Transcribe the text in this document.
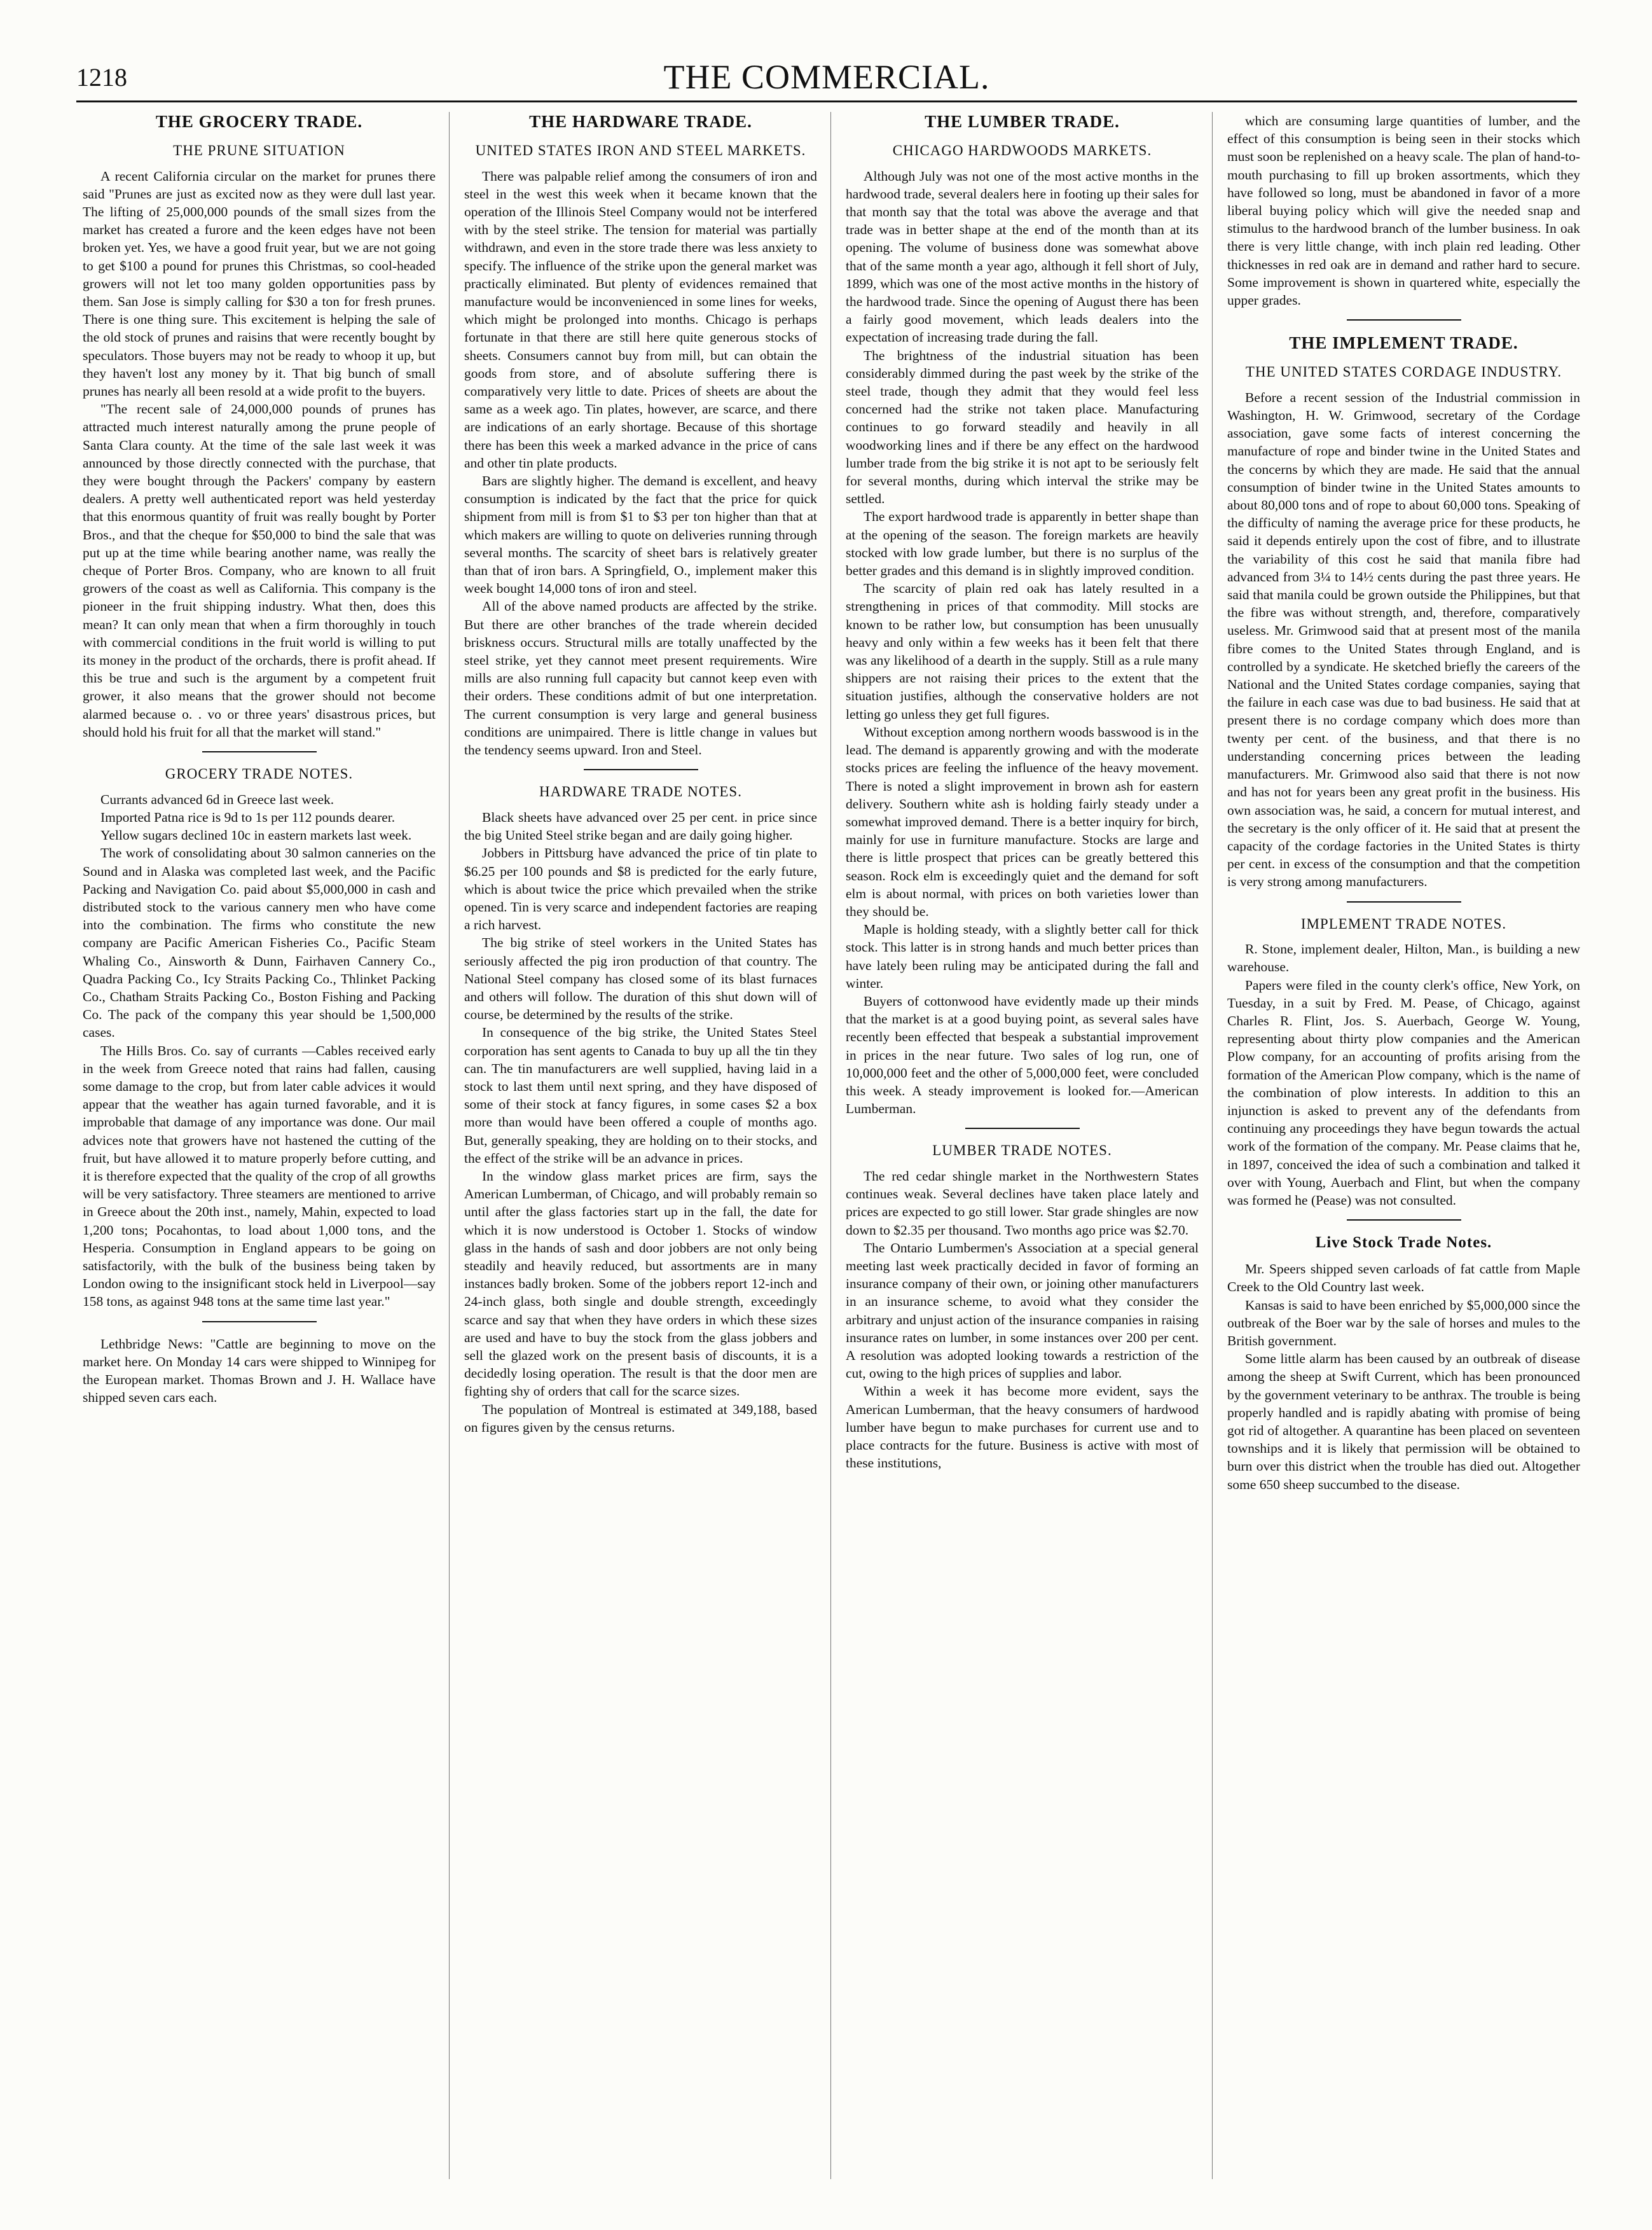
1218	THE COMMERCIAL.
THE GROCERY TRADE.
THE PRUNE SITUATION

A recent California circular on the market for prunes there said "Prunes are just as excited now as they were dull last year. The lifting of 25,000,000 pounds of the small sizes from the market has created a furore and the keen edges have not been broken yet. Yes, we have a good fruit year, but we are not going to get $100 a pound for prunes this Christmas, so cool-headed growers will not let too many golden opportunities pass by them. San Jose is simply calling for $30 a ton for fresh prunes. There is one thing sure. This excitement is helping the sale of the old stock of prunes and raisins that were recently bought by speculators. Those buyers may not be ready to whoop it up, but they haven't lost any money by it. That big bunch of small prunes has nearly all been resold at a wide profit to the buyers.

"The recent sale of 24,000,000 pounds of prunes has attracted much interest naturally among the prune people of Santa Clara county. At the time of the sale last week it was announced by those directly connected with the purchase, that they were bought through the Packers' company by eastern dealers. A pretty well authenticated report was held yesterday that this enormous quantity of fruit was really bought by Porter Bros., and that the cheque for $50,000 to bind the sale that was put up at the time while bearing another name, was really the cheque of Porter Bros. Company, who are known to all fruit growers of the coast as well as California. This company is the pioneer in the fruit shipping industry. What then, does this mean? It can only mean that when a firm thoroughly in touch with commercial conditions in the fruit world is willing to put its money in the product of the orchards, there is profit ahead. If this be true and such is the argument by a competent fruit grower, it also means that the grower should not become alarmed because o. . vo or three years' disastrous prices, but should hold his fruit for all that the market will stand."

GROCERY TRADE NOTES.

Currants advanced 6d in Greece last week.

Imported Patna rice is 9d to 1s per 112 pounds dearer.

Yellow sugars declined 10c in eastern markets last week.

The work of consolidating about 30 salmon canneries on the Sound and in Alaska was completed last week, and the Pacific Packing and Navigation Co. paid about $5,000,000 in cash and distributed stock to the various cannery men who have come into the combination. The firms who constitute the new company are Pacific American Fisheries Co., Pacific Steam Whaling Co., Ainsworth & Dunn, Fairhaven Cannery Co., Quadra Packing Co., Icy Straits Packing Co., Thlinket Packing Co., Chatham Straits Packing Co., Boston Fishing and Packing Co. The pack of the company this year should be 1,500,000 cases.

The Hills Bros. Co. say of currants —Cables received early in the week from Greece noted that rains had fallen, causing some damage to the crop, but from later cable advices it would appear that the weather has again turned favorable, and it is improbable that damage of any importance was done. Our mail advices note that growers have not hastened the cutting of the fruit, but have allowed it to mature properly before cutting, and it is therefore expected that the quality of the crop of all growths will be very satisfactory. Three steamers are mentioned to arrive in Greece about the 20th inst., namely, Mahin, expected to load 1,200 tons; Pocahontas, to load about 1,000 tons, and the Hesperia. Consumption in England appears to be going on satisfactorily, with the bulk of the business being taken by London owing to the insignificant stock held in Liverpool—say 158 tons, as against 948 tons at the same time last year."

Lethbridge News: "Cattle are beginning to move on the market here. On Monday 14 cars were shipped to Winnipeg for the European market. Thomas Brown and J. H. Wallace have shipped seven cars each.

THE HARDWARE TRADE.
UNITED STATES IRON AND STEEL MARKETS.

There was palpable relief among the consumers of iron and steel in the west this week when it became known that the operation of the Illinois Steel Company would not be interfered with by the steel strike. The tension for material was partially withdrawn, and even in the store trade there was less anxiety to specify. The influence of the strike upon the general market was practically eliminated. But plenty of evidences remained that manufacture would be inconvenienced in some lines for weeks, which might be prolonged into months. Chicago is perhaps fortunate in that there are still here quite generous stocks of sheets. Consumers cannot buy from mill, but can obtain the goods from store, and of absolute suffering there is comparatively very little to date. Prices of sheets are about the same as a week ago. Tin plates, however, are scarce, and there are indications of an early shortage. Because of this shortage there has been this week a marked advance in the price of cans and other tin plate products.

Bars are slightly higher. The demand is excellent, and heavy consumption is indicated by the fact that the price for quick shipment from mill is from $1 to $3 per ton higher than that at which makers are willing to quote on deliveries running through several months. The scarcity of sheet bars is relatively greater than that of iron bars. A Springfield, O., implement maker this week bought 14,000 tons of iron and steel.

All of the above named products are affected by the strike. But there are other branches of the trade wherein decided briskness occurs. Structural mills are totally unaffected by the steel strike, yet they cannot meet present requirements. Wire mills are also running full capacity but cannot keep even with their orders. These conditions admit of but one interpretation. The current consumption is very large and general business conditions are unimpaired. There is little change in values but the tendency seems upward. Iron and Steel.

HARDWARE TRADE NOTES.

Black sheets have advanced over 25 per cent. in price since the big United Steel strike began and are daily going higher.

Jobbers in Pittsburg have advanced the price of tin plate to $6.25 per 100 pounds and $8 is predicted for the early future, which is about twice the price which prevailed when the strike opened. Tin is very scarce and independent factories are reaping a rich harvest.

The big strike of steel workers in the United States has seriously affected the pig iron production of that country. The National Steel company has closed some of its blast furnaces and others will follow. The duration of this shut down will of course, be determined by the results of the strike.

In consequence of the big strike, the United States Steel corporation has sent agents to Canada to buy up all the tin they can. The tin manufacturers are well supplied, having laid in a stock to last them until next spring, and they have disposed of some of their stock at fancy figures, in some cases $2 a box more than would have been offered a couple of months ago. But, generally speaking, they are holding on to their stocks, and the effect of the strike will be an advance in prices.

In the window glass market prices are firm, says the American Lumberman, of Chicago, and will probably remain so until after the glass factories start up in the fall, the date for which it is now understood is October 1. Stocks of window glass in the hands of sash and door jobbers are not only being steadily and heavily reduced, but assortments are in many instances badly broken. Some of the jobbers report 12-inch and 24-inch glass, both single and double strength, exceedingly scarce and say that when they have orders in which these sizes are used and have to buy the stock from the glass jobbers and sell the glazed work on the present basis of discounts, it is a decidedly losing operation. The result is that the door men are fighting shy of orders that call for the scarce sizes.

The population of Montreal is estimated at 349,188, based on figures given by the census returns.

THE LUMBER TRADE.
CHICAGO HARDWOODS MARKETS.

Although July was not one of the most active months in the hardwood trade, several dealers here in footing up their sales for that month say that the total was above the average and that trade was in better shape at the end of the month than at its opening. The volume of business done was somewhat above that of the same month a year ago, although it fell short of July, 1899, which was one of the most active months in the history of the hardwood trade. Since the opening of August there has been a fairly good movement, which leads dealers into the expectation of increasing trade during the fall.

The brightness of the industrial situation has been considerably dimmed during the past week by the strike of the steel trade, though they admit that they would feel less concerned had the strike not taken place. Manufacturing continues to go forward steadily and heavily in all woodworking lines and if there be any effect on the hardwood lumber trade from the big strike it is not apt to be seriously felt for several months, during which interval the strike may be settled.

The export hardwood trade is apparently in better shape than at the opening of the season. The foreign markets are heavily stocked with low grade lumber, but there is no surplus of the better grades and this demand is in slightly improved condition.

The scarcity of plain red oak has lately resulted in a strengthening in prices of that commodity. Mill stocks are known to be rather low, but consumption has been unusually heavy and only within a few weeks has it been felt that there was any likelihood of a dearth in the supply. Still as a rule many shippers are not raising their prices to the extent that the situation justifies, although the conservative holders are not letting go unless they get full figures.

Without exception among northern woods basswood is in the lead. The demand is apparently growing and with the moderate stocks prices are feeling the influence of the heavy movement. There is noted a slight improvement in brown ash for eastern delivery. Southern white ash is holding fairly steady under a somewhat improved demand. There is a better inquiry for birch, mainly for use in furniture manufacture. Stocks are large and there is little prospect that prices can be greatly bettered this season. Rock elm is exceedingly quiet and the demand for soft elm is about normal, with prices on both varieties lower than they should be.

Maple is holding steady, with a slightly better call for thick stock. This latter is in strong hands and much better prices than have lately been ruling may be anticipated during the fall and winter.

Buyers of cottonwood have evidently made up their minds that the market is at a good buying point, as several sales have recently been effected that bespeak a substantial improvement in prices in the near future. Two sales of log run, one of 10,000,000 feet and the other of 5,000,000 feet, were concluded this week. A steady improvement is looked for.—American Lumberman.

LUMBER TRADE NOTES.

The red cedar shingle market in the Northwestern States continues weak. Several declines have taken place lately and prices are expected to go still lower. Star grade shingles are now down to $2.35 per thousand. Two months ago price was $2.70.

The Ontario Lumbermen's Association at a special general meeting last week practically decided in favor of forming an insurance company of their own, or joining other manufacturers in an insurance scheme, to avoid what they consider the arbitrary and unjust action of the insurance companies in raising insurance rates on lumber, in some instances over 200 per cent. A resolution was adopted looking towards a restriction of the cut, owing to the high prices of supplies and labor.

Within a week it has become more evident, says the American Lumberman, that the heavy consumers of hardwood lumber have begun to make purchases for current use and to place contracts for the future. Business is active with most of these institutions,

which are consuming large quantities of lumber, and the effect of this consumption is being seen in their stocks which must soon be replenished on a heavy scale. The plan of hand-to-mouth purchasing to fill up broken assortments, which they have followed so long, must be abandoned in favor of a more liberal buying policy which will give the needed snap and stimulus to the hardwood branch of the lumber business. In oak there is very little change, with inch plain red leading. Other thicknesses in red oak are in demand and rather hard to secure. Some improvement is shown in quartered white, especially the upper grades.

THE IMPLEMENT TRADE.
THE UNITED STATES CORDAGE INDUSTRY.

Before a recent session of the Industrial commission in Washington, H. W. Grimwood, secretary of the Cordage association, gave some facts of interest concerning the manufacture of rope and binder twine in the United States and the concerns by which they are made. He said that the annual consumption of binder twine in the United States amounts to about 80,000 tons and of rope to about 60,000 tons. Speaking of the difficulty of naming the average price for these products, he said it depends entirely upon the cost of fibre, and to illustrate the variability of this cost he said that manila fibre had advanced from 3¼ to 14½ cents during the past three years. He said that manila could be grown outside the Philippines, but that the fibre was without strength, and, therefore, comparatively useless. Mr. Grimwood said that at present most of the manila fibre comes to the United States through England, and is controlled by a syndicate. He sketched briefly the careers of the National and the United States cordage companies, saying that the failure in each case was due to bad business. He said that at present there is no cordage company which does more than twenty per cent. of the business, and that there is no understanding concerning prices between the leading manufacturers. Mr. Grimwood also said that there is not now and has not for years been any great profit in the business. His own association was, he said, a concern for mutual interest, and the secretary is the only officer of it. He said that at present the capacity of the cordage factories in the United States is thirty per cent. in excess of the consumption and that the competition is very strong among manufacturers.

IMPLEMENT TRADE NOTES.

R. Stone, implement dealer, Hilton, Man., is building a new warehouse.

Papers were filed in the county clerk's office, New York, on Tuesday, in a suit by Fred. M. Pease, of Chicago, against Charles R. Flint, Jos. S. Auerbach, George W. Young, representing about thirty plow companies and the American Plow company, for an accounting of profits arising from the formation of the American Plow company, which is the name of the combination of plow interests. In addition to this an injunction is asked to prevent any of the defendants from continuing any proceedings they have begun towards the actual work of the formation of the company. Mr. Pease claims that he, in 1897, conceived the idea of such a combination and talked it over with Young, Auerbach and Flint, but when the company was formed he (Pease) was not consulted.

Live Stock Trade Notes.

Mr. Speers shipped seven carloads of fat cattle from Maple Creek to the Old Country last week.

Kansas is said to have been enriched by $5,000,000 since the outbreak of the Boer war by the sale of horses and mules to the British government.

Some little alarm has been caused by an outbreak of disease among the sheep at Swift Current, which has been pronounced by the government veterinary to be anthrax. The trouble is being properly handled and is rapidly abating with promise of being got rid of altogether. A quarantine has been placed on seventeen townships and it is likely that permission will be obtained to burn over this district when the trouble has died out. Altogether some 650 sheep succumbed to the disease.
